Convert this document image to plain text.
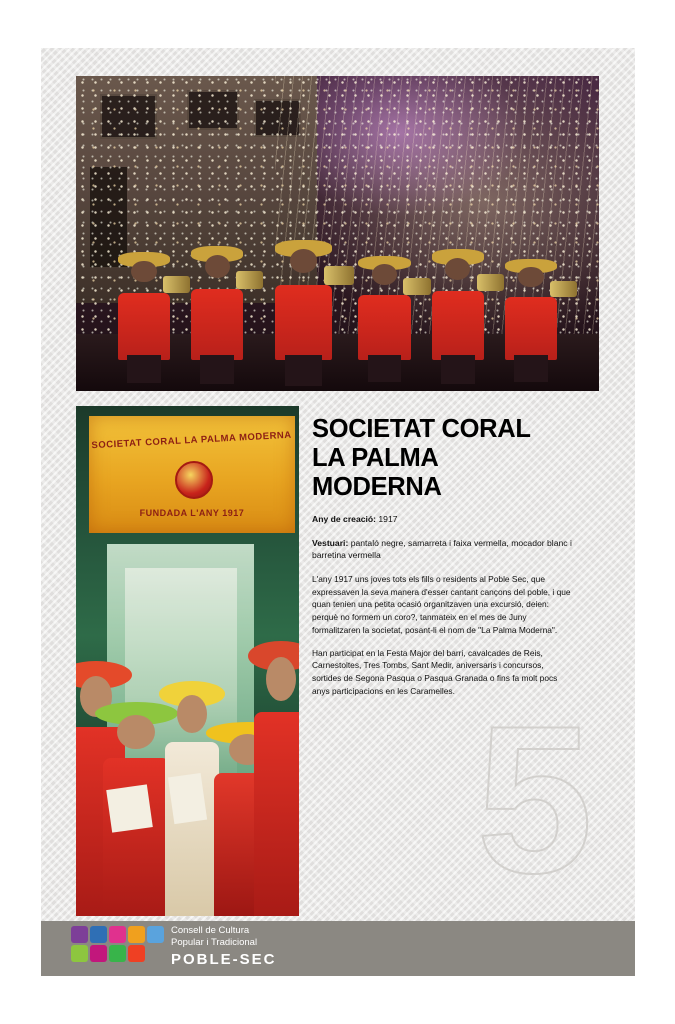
5
SOCIETAT CORAL LA PALMA MODERNA
FUNDADA L'ANY 1917
SOCIETAT CORAL
LA PALMA
MODERNA
Any de creació: 1917
Vestuari: pantaló negre, samarreta i faixa vermella, mocador blanc i barretina vermella

L'any 1917 uns joves tots els fills o residents al Poble Sec, que expressaven la seva manera d'esser cantant cançons del poble, i que quan tenien una petita ocasió organitzaven una excursió, deien: perquè no formem un coro?, tanmateix en el mes de Juny formalitzaren la societat, posant-li el nom de "La Palma Moderna".

Han participat en la Festa Major del barri, cavalcades de Reis, Carnestoltes, Tres Tombs, Sant Medir, aniversaris i concursos, sortides de Segona Pasqua o Pasqua Granada o fins fa molt pocs anys participacions en les Caramelles.

Consell de Cultura
Popular i Tradicional
POBLE-SEC
